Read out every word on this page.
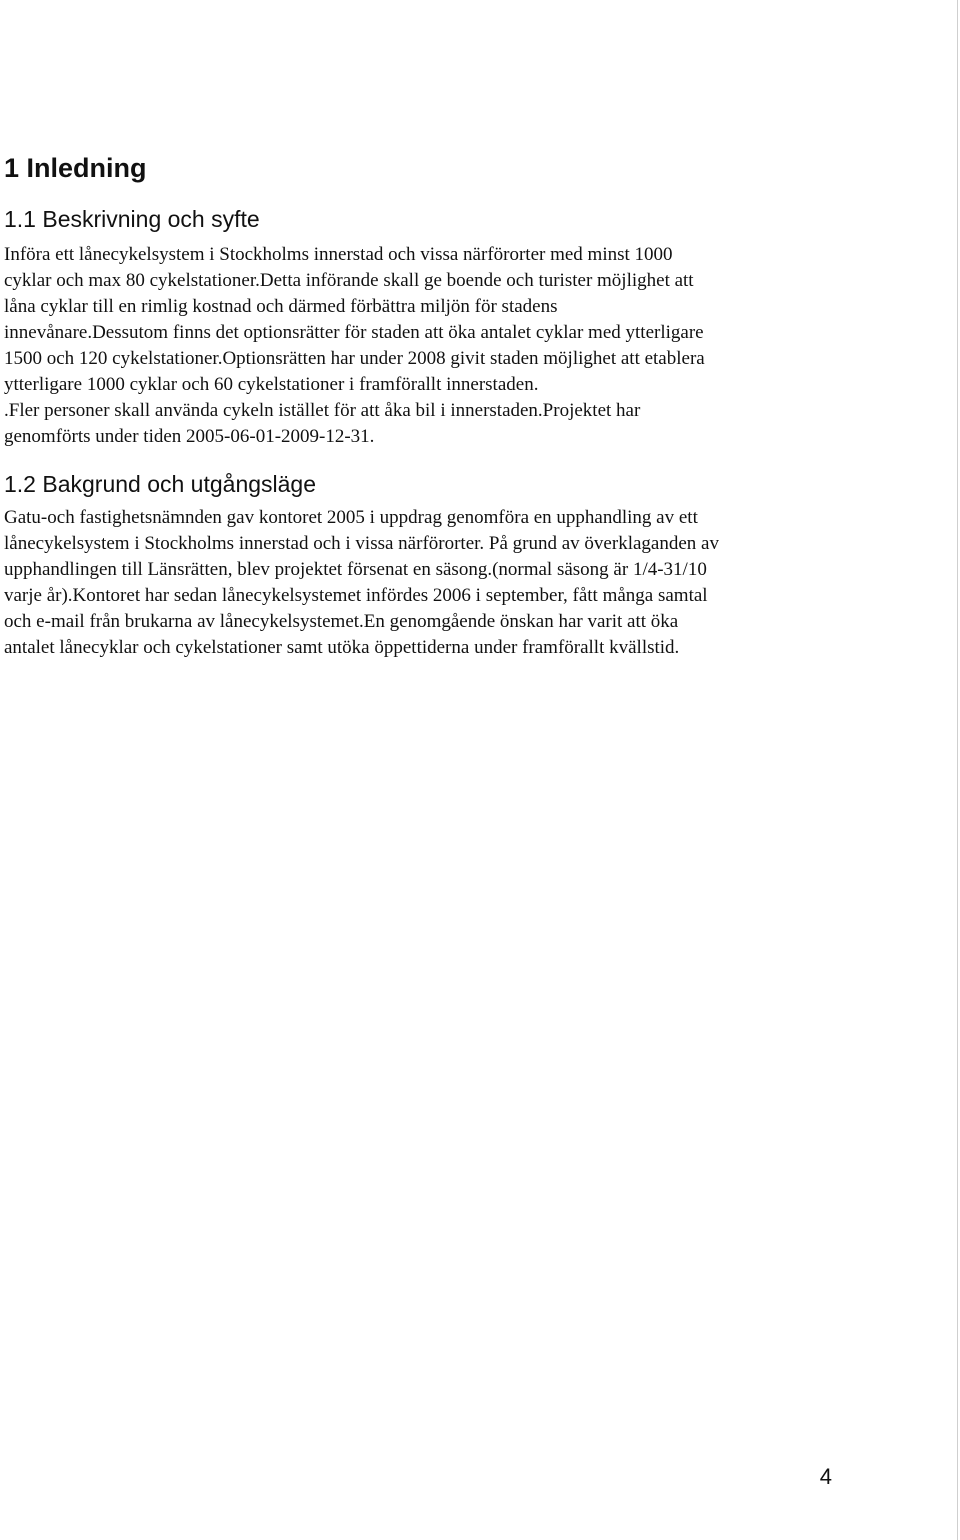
1 Inledning
1.1 Beskrivning och syfte

Införa ett lånecykelsystem i Stockholms innerstad och vissa närförorter med minst 1000
cyklar och max 80 cykelstationer.Detta införande skall ge boende och turister möjlighet att
låna cyklar till en rimlig kostnad och därmed förbättra miljön för stadens
innevånare.Dessutom finns det optionsrätter för staden att öka antalet cyklar med ytterligare
1500 och 120 cykelstationer.Optionsrätten har under 2008 givit staden möjlighet att etablera
ytterligare 1000 cyklar och 60 cykelstationer i framförallt innerstaden.
.Fler personer skall använda cykeln istället för att åka bil i innerstaden.Projektet har
genomförts under tiden 2005-06-01-2009-12-31.

1.2 Bakgrund och utgångsläge

Gatu-och fastighetsnämnden gav kontoret 2005 i uppdrag genomföra en upphandling av ett
lånecykelsystem i Stockholms innerstad och i vissa närförorter. På grund av överklaganden av
upphandlingen till Länsrätten, blev projektet försenat en säsong.(normal säsong är 1/4-31/10
varje år).Kontoret har sedan lånecykelsystemet infördes 2006 i september, fått många samtal
och e-mail från brukarna av lånecykelsystemet.En genomgående önskan har varit att öka
antalet lånecyklar och cykelstationer samt utöka öppettiderna under framförallt kvällstid.

4
